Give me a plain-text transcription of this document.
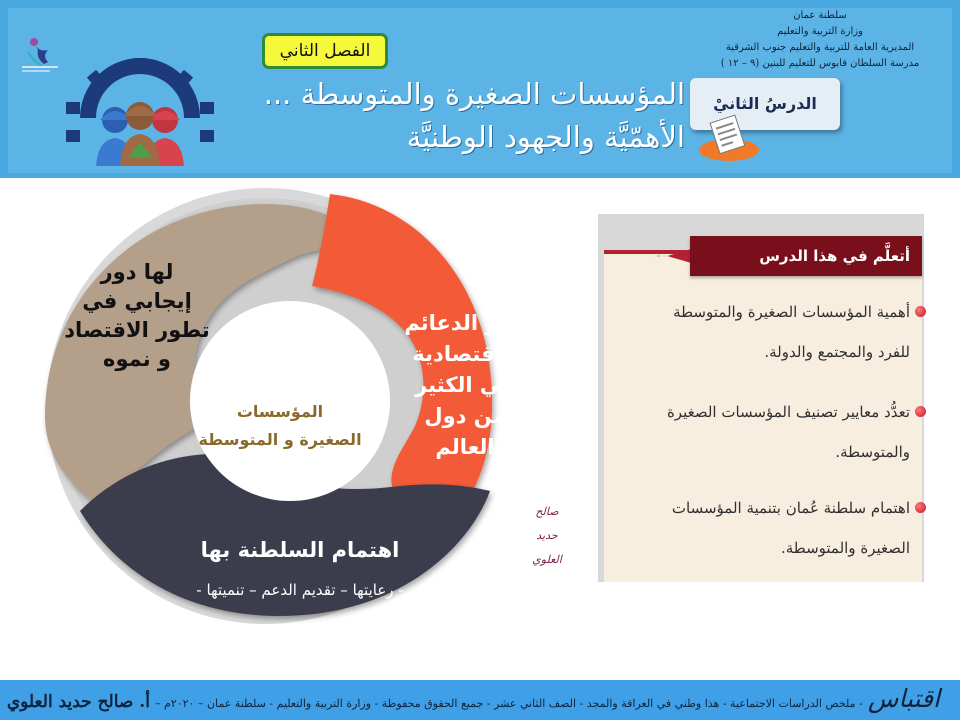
الفصل الثاني
المؤسسات الصغيرة والمتوسطة ...
الأهمّيَّة والجهود الوطنيَّة
الدرسُ الثانيْ
سلطنة عمان
وزارة التربية والتعليم
المديرية العامة للتربية والتعليم جنوب الشرقية
مدرسة السلطان قابوس للتعليم للبنين (٩ – ١٢ )
لها دور
إيجابي في
تطور الاقتصاد
و نموه
ابرز الدعائم
الاقتصادية
في الكثير
من دول
العالم
اهتمام السلطنة بها
- رعايتها – تقديم الدعم – تنميتها -
المؤسسات
الصغيرة و المتوسطة
صالح
حديد
العلوي
أتعلَّم في هذا الدرس
أهمية المؤسسات الصغيرة والمتوسطة
للفرد والمجتمع والدولة.
تعدُّد معايير تصنيف المؤسسات الصغيرة
والمتوسطة.
اهتمام سلطنة عُمان بتنمية المؤسسات
الصغيرة والمتوسطة.
اقتباس - ملخص الدراسات الاجتماعية - هذا وطني في العراقة والمجد - الصف الثاني عشر - جميع الحقوق محفوظة - وزارة التربية والتعليم - سلطنة عمان – ٢٠٢٠م – أ. صالح حديد العلوي
